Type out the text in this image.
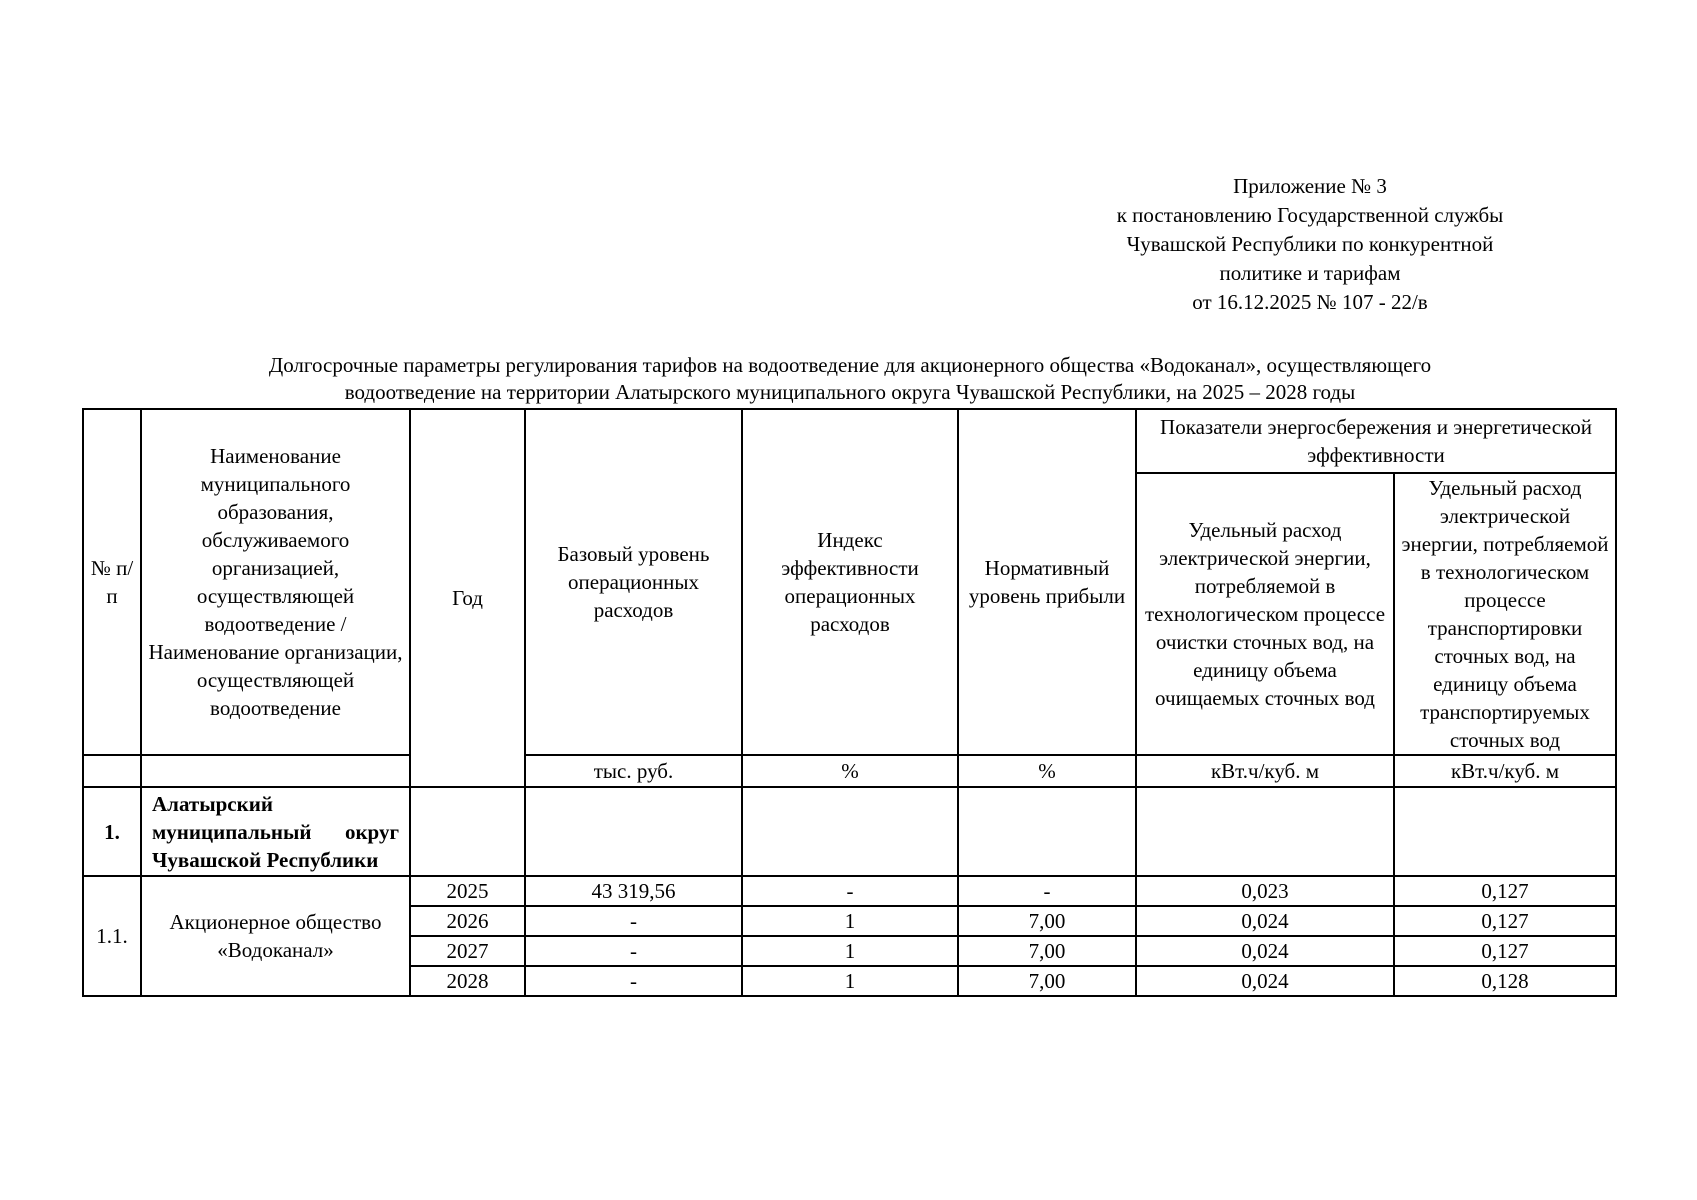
Приложение № 3
к постановлению Государственной службы
Чувашской Республики по конкурентной
политике и тарифам
от 16.12.2025 № 107 - 22/в
Долгосрочные параметры регулирования тарифов на водоотведение для акционерного общества «Водоканал», осуществляющего
водоотведение на территории Алатырского муниципального округа Чувашской Республики, на 2025 – 2028 годы
№ п/п	Наименование муниципального образования, обслуживаемого организацией, осуществляющей водоотведение / Наименование организации, осуществляющей водоотведение	Год	Базовый уровень операционных расходов	Индекс эффективности операционных расходов	Нормативный уровень прибыли	Показатели энергосбережения и энергетической эффективности	
						Удельный расход электрической энергии, потребляемой в технологическом процессе очистки сточных вод, на единицу объема очищаемых сточных вод	Удельный расход электрической энергии, потребляемой в технологическом процессе транспортировки сточных вод, на единицу объема транспортируемых сточных вод
			тыс. руб.	%	%	кВт.ч/куб. м	кВт.ч/куб. м
1.	Алатырский муниципальный округ Чувашской Республики						
1.1.	Акционерное общество «Водоканал»	2025	43 319,56	-	-	0,023	0,127
		2026	-	1	7,00	0,024	0,127
		2027	-	1	7,00	0,024	0,127
		2028	-	1	7,00	0,024	0,128
